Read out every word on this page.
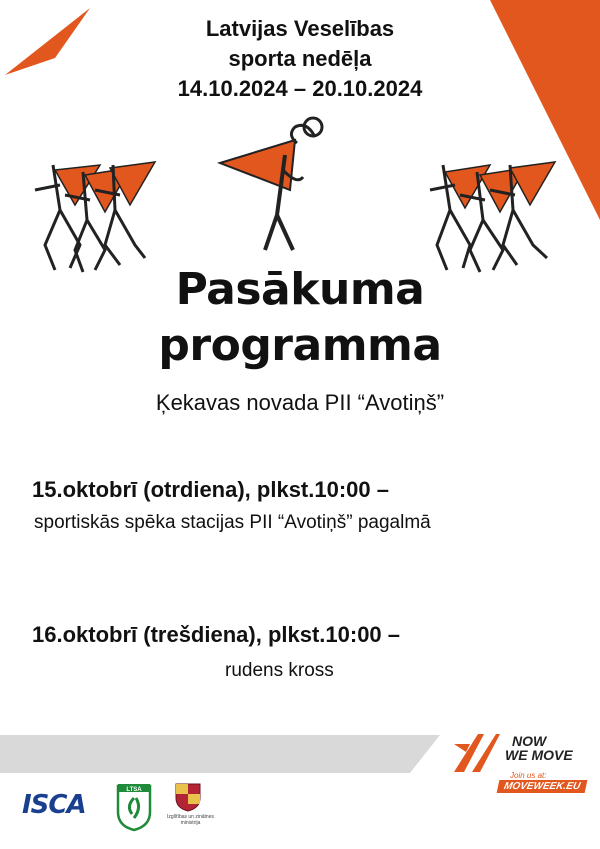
Latvijas Veselības
sporta nedēļa
14.10.2024 – 20.10.2024
Pasākuma
programma
Ķekavas novada PII “Avotiņš”
15.oktobrī (otrdiena), plkst.10:00 –
sportiskās spēka stacijas PII “Avotiņš” pagalmā
16.oktobrī (trešdiena), plkst.10:00 –
rudens kross
ISCA	LTSA
Izglītības un zinātnes ministrija
NOW
WE MOVE
Join us at:
MOVEWEEK.EU
